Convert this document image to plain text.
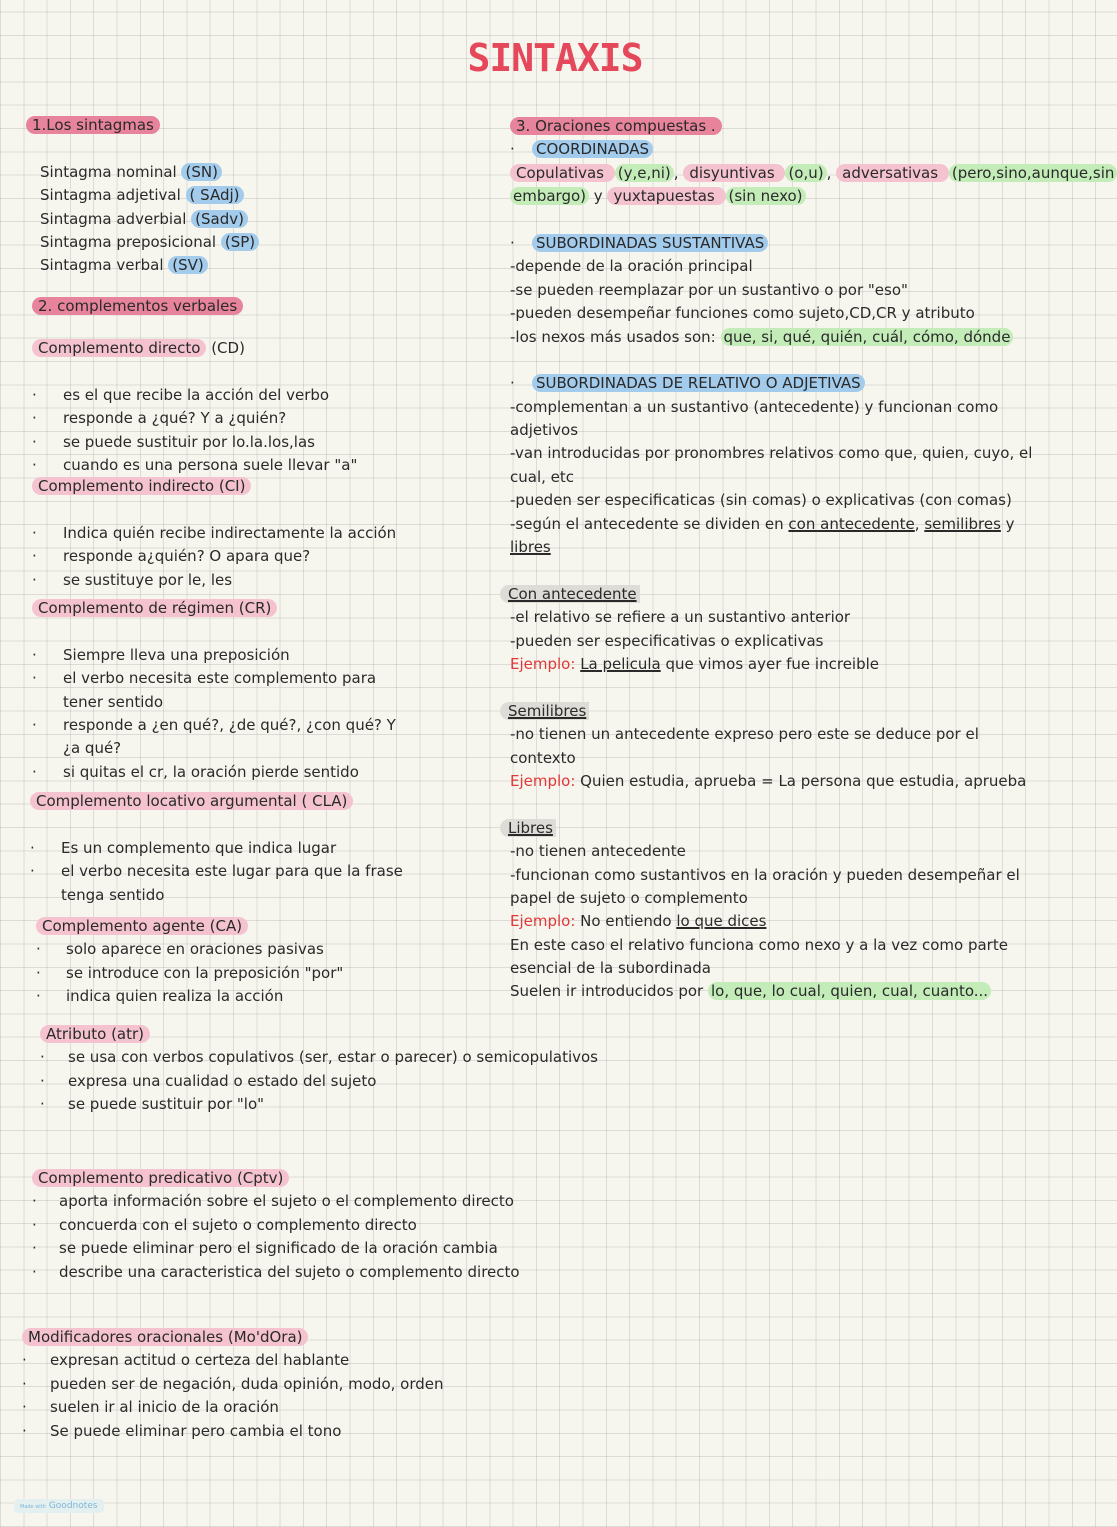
SINTAXIS
1.Los sintagmas
Sintagma nominal (SN)
Sintagma adjetival ( SAdj)
Sintagma adverbial (Sadv)
Sintagma preposicional (SP)
Sintagma verbal (SV)
2. complementos verbales
Complemento directo (CD)
· es el que recibe la acción del verbo
· responde a ¿qué? Y a ¿quién?
· se puede sustituir por lo.la.los,las
· cuando es una persona suele llevar "a"
Complemento indirecto (CI)
· Indica quién recibe indirectamente la acción
· responde a¿quién? O apara que?
· se sustituye por le, les
Complemento de régimen (CR)
· Siempre lleva una preposición
· el verbo necesita este complemento para
tener sentido
· responde a ¿en qué?, ¿de qué?, ¿con qué? Y
¿a qué?
· si quitas el cr, la oración pierde sentido
Complemento locativo argumental ( CLA)
· Es un complemento que indica lugar
· el verbo necesita este lugar para que la frase
tenga sentido
Complemento agente (CA)
· solo aparece en oraciones pasivas
· se introduce con la preposición "por"
· indica quien realiza la acción
Atributo (atr)
· se usa con verbos copulativos (ser, estar o parecer) o semicopulativos
· expresa una cualidad o estado del sujeto
· se puede sustituir por "lo"
Complemento predicativo (Cptv)
· aporta información sobre el sujeto o el complemento directo
· concuerda con el sujeto o complemento directo
· se puede eliminar pero el significado de la oración cambia
· describe una caracteristica del sujeto o complemento directo
Modificadores oracionales (Mo'dOra)
· expresan actitud o certeza del hablante
· pueden ser de negación, duda opinión, modo, orden
· suelen ir al inicio de la oración
· Se puede eliminar pero cambia el tono
3. Oraciones compuestas .
· COORDINADAS
Copulativas (y,e,ni) , disyuntivas (o,u) , adversativas (pero,sino,aunque,sin
embargo) y yuxtapuestas (sin nexo)
· SUBORDINADAS SUSTANTIVAS
-depende de la oración principal
-se pueden reemplazar por un sustantivo o por "eso"
-pueden desempeñar funciones como sujeto,CD,CR y atributo
-los nexos más usados son: que, si, qué, quién, cuál, cómo, dónde
· SUBORDINADAS DE RELATIVO O ADJETIVAS
-complementan a un sustantivo (antecedente) y funcionan como
adjetivos
-van introducidas por pronombres relativos como que, quien, cuyo, el
cual, etc
-pueden ser especificaticas (sin comas) o explicativas (con comas)
-según el antecedente se dividen en con antecedente, semilibres y
libres
Con antecedente
-el relativo se refiere a un sustantivo anterior
-pueden ser especificativas o explicativas
Ejemplo: La pelicula que vimos ayer fue increible
Semilibres
-no tienen un antecedente expreso pero este se deduce por el
contexto
Ejemplo: Quien estudia, aprueba = La persona que estudia, aprueba
Libres
-no tienen antecedente
-funcionan como sustantivos en la oración y pueden desempeñar el
papel de sujeto o complemento
Ejemplo: No entiendo lo que dices
En este caso el relativo funciona como nexo y a la vez como parte
esencial de la subordinada
Suelen ir introducidos por lo, que, lo cual, quien, cual, cuanto...
Made with Goodnotes
